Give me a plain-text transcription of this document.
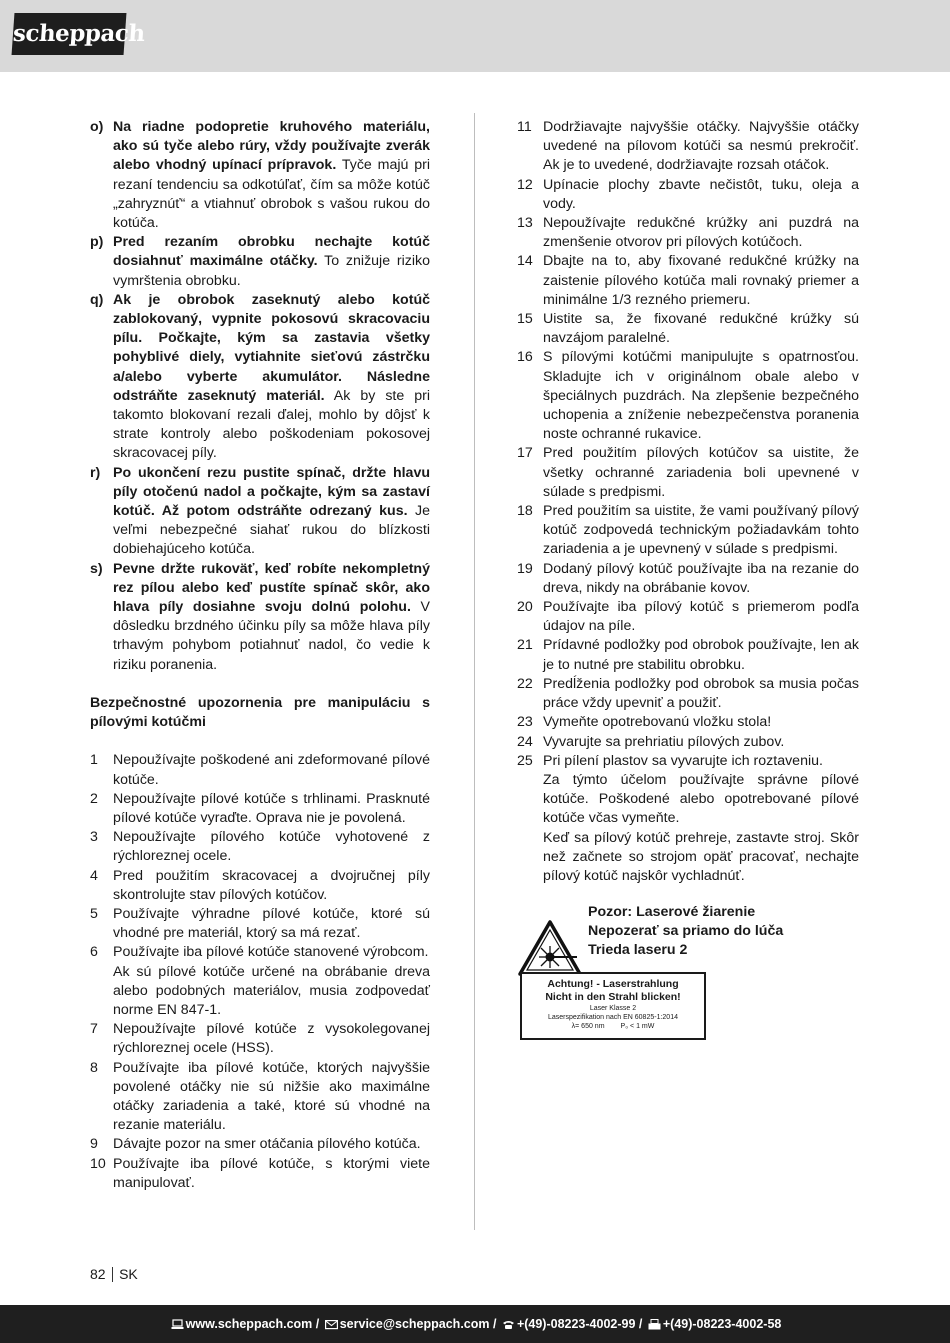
scheppach
o) Na riadne podopretie kruhového materiálu, ako sú tyče alebo rúry, vždy používajte zverák alebo vhodný upínací prípravok. Tyče majú pri rezaní tendenciu sa odkotúľať, čím sa môže kotúč „zahryznúť“ a vtiahnuť obrobok s vašou rukou do kotúča.
p) Pred rezaním obrobku nechajte kotúč dosiahnuť maximálne otáčky. To znižuje riziko vymrštenia obrobku.
q) Ak je obrobok zaseknutý alebo kotúč zablokovaný, vypnite pokosovú skracovaciu pílu. Počkajte, kým sa zastavia všetky pohyblivé diely, vytiahnite sieťovú zástrčku a/alebo vyberte akumulátor. Následne odstráňte zaseknutý materiál. Ak by ste pri takomto blokovaní rezali ďalej, mohlo by dôjsť k strate kontroly alebo poškodeniam pokosovej skracovacej píly.
r) Po ukončení rezu pustite spínač, držte hlavu píly otočenú nadol a počkajte, kým sa zastaví kotúč. Až potom odstráňte odrezaný kus. Je veľmi nebezpečné siahať rukou do blízkosti dobiehajúceho kotúča.
s) Pevne držte rukoväť, keď robíte nekompletný rez pílou alebo keď pustíte spínač skôr, ako hlava píly dosiahne svoju dolnú polohu. V dôsledku brzdného účinku píly sa môže hlava píly trhavým pohybom potiahnuť nadol, čo vedie k riziku poranenia.
Bezpečnostné upozornenia pre manipuláciu s pílovými kotúčmi
1	Nepoužívajte poškodené ani zdeformované pílové kotúče.
2	Nepoužívajte pílové kotúče s trhlinami. Prasknuté pílové kotúče vyraďte. Oprava nie je povolená.
3	Nepoužívajte pílového kotúče vyhotovené z rýchloreznej ocele.
4	Pred použitím skracovacej a dvojručnej píly skontrolujte stav pílových kotúčov.
5	Používajte výhradne pílové kotúče, ktoré sú vhodné pre materiál, ktorý sa má rezať.
6	Používajte iba pílové kotúče stanovené výrobcom.
Ak sú pílové kotúče určené na obrábanie dreva alebo podobných materiálov, musia zodpovedať norme EN 847-1.
7	Nepoužívajte pílové kotúče z vysokolegovanej rýchloreznej ocele (HSS).
8	Používajte iba pílové kotúče, ktorých najvyššie povolené otáčky nie sú nižšie ako maximálne otáčky zariadenia a také, ktoré sú vhodné na rezanie materiálu.
9	Dávajte pozor na smer otáčania pílového kotúča.
10 Používajte iba pílové kotúče, s ktorými viete manipulovať.
11 Dodržiavajte najvyššie otáčky. Najvyššie otáčky uvedené na pílovom kotúči sa nesmú prekročiť. Ak je to uvedené, dodržiavajte rozsah otáčok.
12 Upínacie plochy zbavte nečistôt, tuku, oleja a vody.
13 Nepoužívajte redukčné krúžky ani puzdrá na zmenšenie otvorov pri pílových kotúčoch.
14 Dbajte na to, aby fixované redukčné krúžky na zaistenie pílového kotúča mali rovnaký priemer a minimálne 1/3 rezného priemeru.
15 Uistite sa, že fixované redukčné krúžky sú navzájom paralelné.
16 S pílovými kotúčmi manipulujte s opatrnosťou. Skladujte ich v originálnom obale alebo v špeciálnych puzdrách. Na zlepšenie bezpečného uchopenia a zníženie nebezpečenstva poranenia noste ochranné rukavice.
17 Pred použitím pílových kotúčov sa uistite, že všetky ochranné zariadenia boli upevnené v súlade s predpismi.
18 Pred použitím sa uistite, že vami používaný pílový kotúč zodpovedá technickým požiadavkám tohto zariadenia a je upevnený v súlade s predpismi.
19 Dodaný pílový kotúč používajte iba na rezanie do dreva, nikdy na obrábanie kovov.
20 Používajte iba pílový kotúč s priemerom podľa údajov na píle.
21 Prídavné podložky pod obrobok používajte, len ak je to nutné pre stabilitu obrobku.
22 Predĺženia podložky pod obrobok sa musia počas práce vždy upevniť a použiť.
23 Vymeňte opotrebovanú vložku stola!
24 Vyvarujte sa prehriatiu pílových zubov.
25 Pri pílení plastov sa vyvarujte ich roztaveniu.
Za týmto účelom používajte správne pílové kotúče. Poškodené alebo opotrebované pílové kotúče včas vymeňte.
Keď sa pílový kotúč prehreje, zastavte stroj. Skôr než začnete so strojom opäť pracovať, nechajte pílový kotúč najskôr vychladnúť.
Pozor: Laserové žiarenie
Nepozerať sa priamo do lúča
Trieda laseru 2
Achtung! - Laserstrahlung
Nicht in den Strahl blicken!
Laser Klasse 2
Laserspezifikation nach EN 60825-1:2014
λ= 650 nm P₀ < 1 mW
82 SK
www.scheppach.com /
service@scheppach.com /
+(49)-08223-4002-99 /
+(49)-08223-4002-58
